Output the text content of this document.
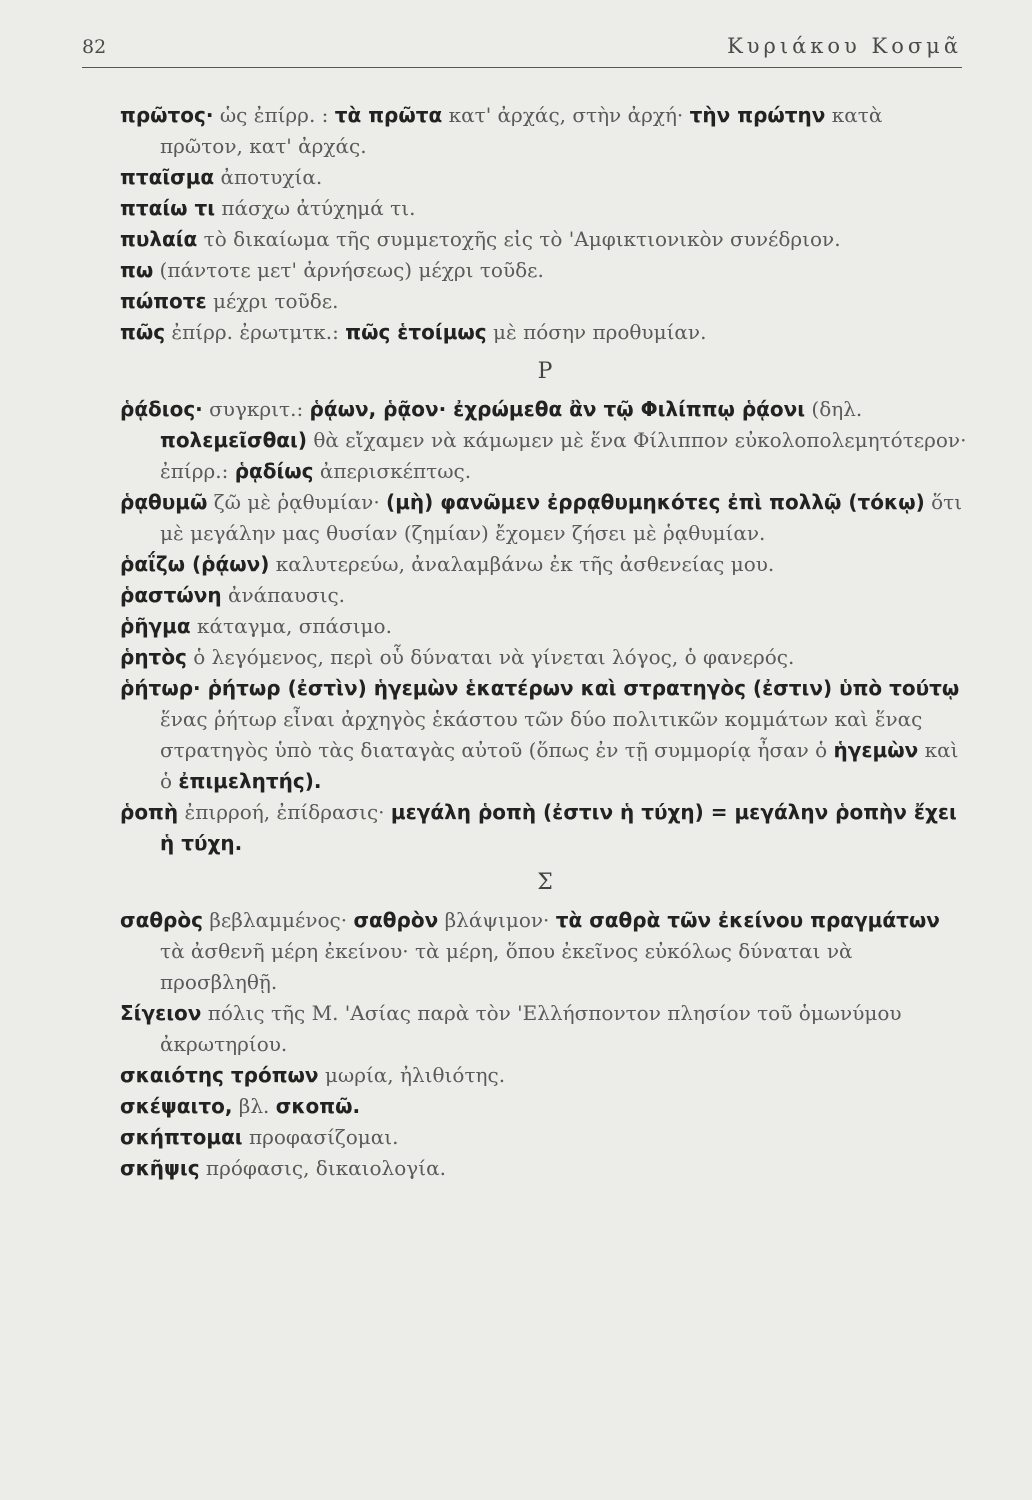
82	Κυριάκου Κοσμᾶ

πρῶτος· ὡς ἐπίρρ. : τὰ πρῶτα κατ' ἀρχάς, στὴν ἀρχή· τὴν πρώτην κατὰ πρῶτον, κατ' ἀρχάς.

πταῖσμα ἀποτυχία.

πταίω τι πάσχω ἀτύχημά τι.

πυλαία τὸ δικαίωμα τῆς συμμετοχῆς εἰς τὸ 'Αμφικτιονικὸν συνέδριον.

πω (πάντοτε μετ' ἀρνήσεως) μέχρι τοῦδε.

πώποτε μέχρι τοῦδε.

πῶς ἐπίρρ. ἐρωτμτκ.: πῶς ἑτοίμως μὲ πόσην προθυμίαν.

Ρ

ῥᾴδιος· συγκριτ.: ῥᾴων, ῥᾷον· ἐχρώμεθα ἂν τῷ Φιλίππῳ ῥᾴονι (δηλ. πολεμεῖσθαι) θὰ εἴχαμεν νὰ κάμωμεν μὲ ἕνα Φίλιππον εὐκολοπολεμητότερον· ἐπίρρ.: ῥᾳδίως ἀπερισκέπτως.

ῥᾳθυμῶ ζῶ μὲ ῥᾳθυμίαν· (μὴ) φανῶμεν ἐρρᾳθυμηκότες ἐπὶ πολλῷ (τόκῳ) ὅτι μὲ μεγάλην μας θυσίαν (ζημίαν) ἔχομεν ζήσει μὲ ῥᾳθυμίαν.

ῥαΐζω (ῥᾴων) καλυτερεύω, ἀναλαμβάνω ἐκ τῆς ἀσθενείας μου.

ῥαστώνη ἀνάπαυσις.

ῥῆγμα κάταγμα, σπάσιμο.

ῥητὸς ὁ λεγόμενος, περὶ οὗ δύναται νὰ γίνεται λόγος, ὁ φανερός.

ῥήτωρ· ῥήτωρ (ἐστὶν) ἡγεμὼν ἑκατέρων καὶ στρατηγὸς (ἐστιν) ὑπὸ τούτῳ ἕνας ῥήτωρ εἶναι ἀρχηγὸς ἑκάστου τῶν δύο πολιτικῶν κομμάτων καὶ ἕνας στρατηγὸς ὑπὸ τὰς διαταγὰς αὐτοῦ (ὅπως ἐν τῇ συμμορίᾳ ἦσαν ὁ ἡγεμὼν καὶ ὁ ἐπιμελητής).

ῥοπὴ ἐπιρροή, ἐπίδρασις· μεγάλη ῥοπὴ (ἐστιν ἡ τύχη) = μεγάλην ῥοπὴν ἔχει ἡ τύχη.

Σ

σαθρὸς βεβλαμμένος· σαθρὸν βλάψιμον· τὰ σαθρὰ τῶν ἐκείνου πραγμάτων τὰ ἀσθενῆ μέρη ἐκείνου· τὰ μέρη, ὅπου ἐκεῖνος εὐκόλως δύναται νὰ προσβληθῇ.

Σίγειον πόλις τῆς Μ. 'Ασίας παρὰ τὸν 'Ελλήσποντον πλησίον τοῦ ὁμωνύμου ἀκρωτηρίου.

σκαιότης τρόπων μωρία, ἠλιθιότης.

σκέψαιτο, βλ. σκοπῶ.

σκήπτομαι προφασίζομαι.

σκῆψις πρόφασις, δικαιολογία.
